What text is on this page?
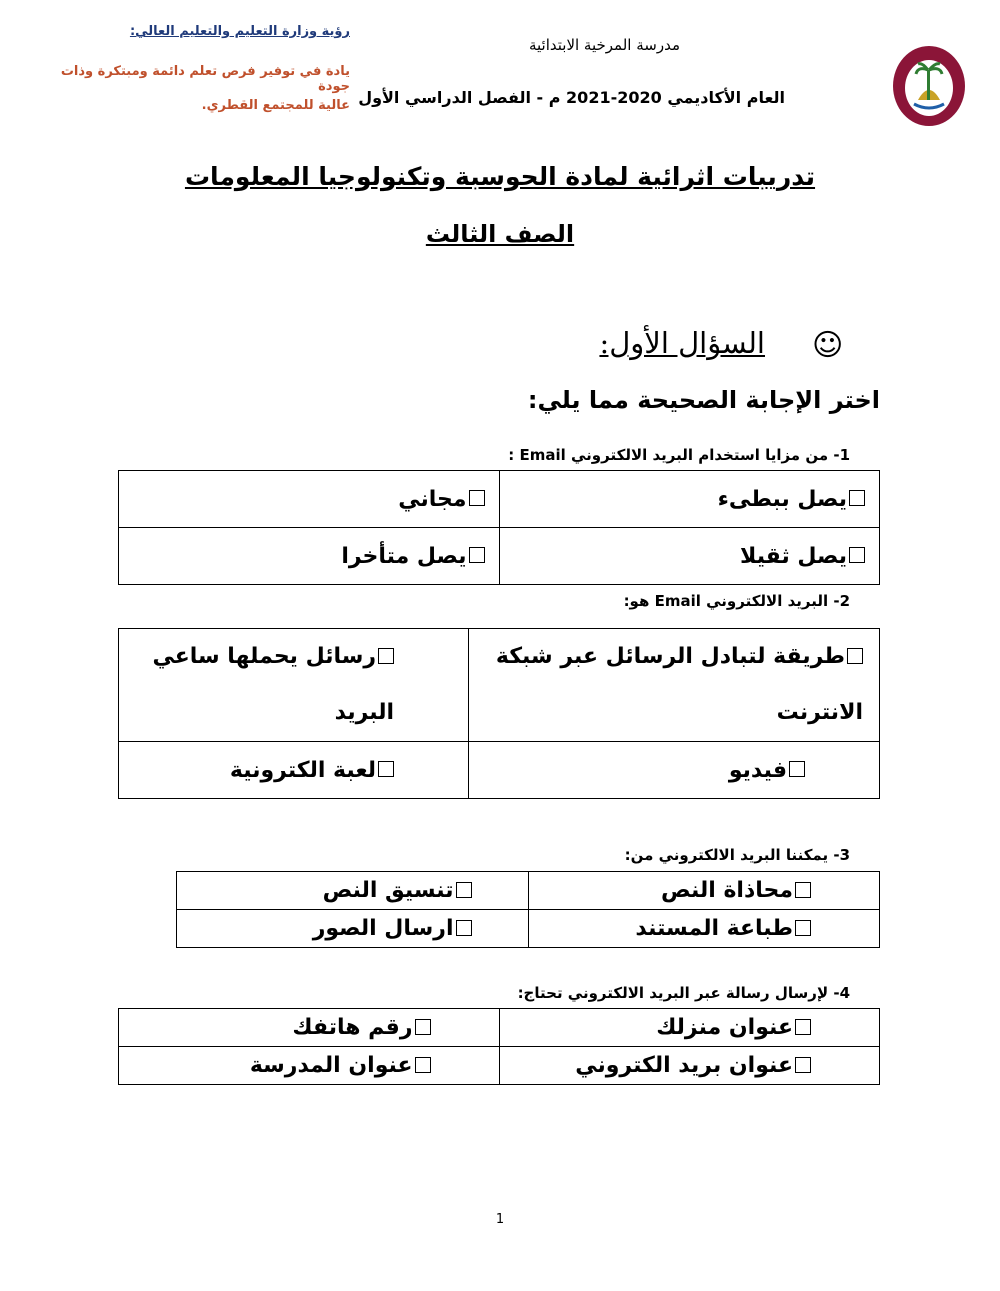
رؤية وزارة التعليم والتعليم العالي:
يادة في توفير فرص تعلم دائمة ومبتكرة وذات جودة
عالية للمجتمع القطري.
مدرسة المرخية الابتدائية
العام الأكاديمي 2020-2021 م - الفصل الدراسي الأول
تدريبات اثرائية لمادة الحوسبة وتكنولوجيا المعلومات
الصف الثالث
السؤال الأول: ☺
اختر الإجابة الصحيحة مما يلي:
1- من مزايا استخدام البريد الالكتروني Email :
يصل ببطىء	مجاني
يصل ثقيلا	يصل متأخرا
2- البريد الالكتروني Email هو:
طريقة لتبادل الرسائل عبر شبكة الانترنت	رسائل يحملها ساعي البريد
فيديو	لعبة الكترونية
3- يمكننا البريد الالكتروني من:
محاذاة النص	تنسيق النص
طباعة المستند	ارسال الصور
4- لإرسال رسالة عبر البريد الالكتروني تحتاج:
عنوان منزلك	رقم هاتفك
عنوان بريد الكتروني	عنوان المدرسة
1
